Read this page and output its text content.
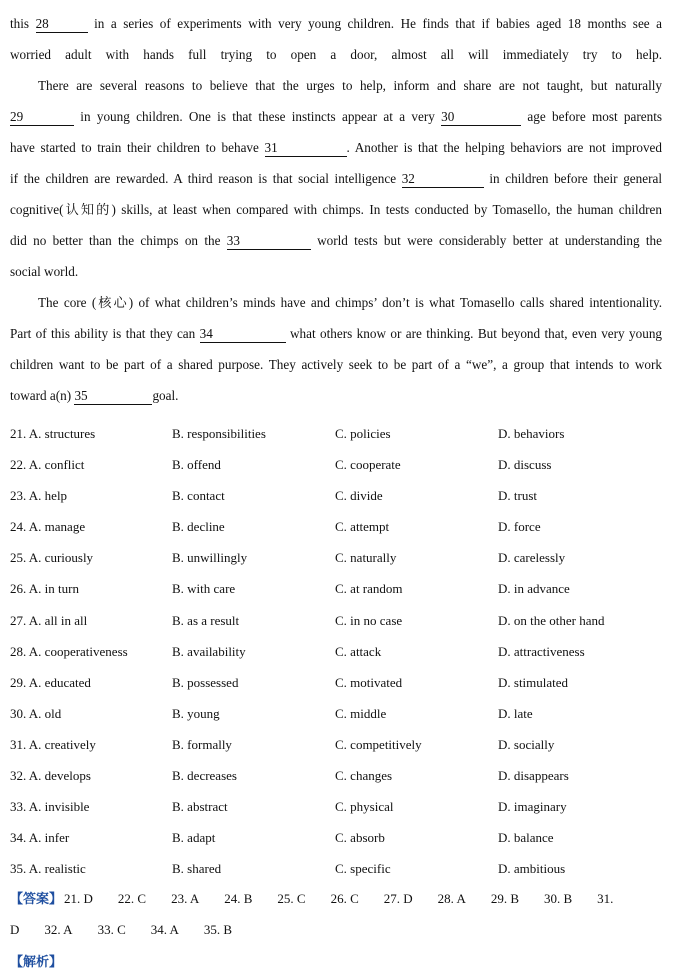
this 28	in a series of experiments with very young children. He finds that if babies aged 18 months see a
worried adult with hands full trying to open a door, almost all will immediately try to help.
There are several reasons to believe that the urges to help, inform and share are not taught, but naturally
29	in young children. One is that these instincts appear at a very 30	age before most parents
have started to train their children to behave 31	. Another is that the helping behaviors are not improved
if the children are rewarded. A third reason is that social intelligence 32	in children before their general
cognitive(认知的) skills, at least when compared with chimps. In tests conducted by Tomasello, the human children
did no better than the chimps on the 33	world tests but were considerably better at understanding the
social world.
The core (核心) of what children’s minds have and chimps’ don’t is what Tomasello calls shared intentionality.
Part of this ability is that they can 34	what others know or are thinking. But beyond that, even very young
children want to be part of a shared purpose. They actively seek to be part of a “we”, a group that intends to work
toward a(n) 35	goal.
21. A. structures	B. responsibilities	C. policies	D. behaviors
22. A. conflict	B. offend	C. cooperate	D. discuss
23. A. help	B. contact	C. divide	D. trust
24. A. manage	B. decline	C. attempt	D. force
25. A. curiously	B. unwillingly	C. naturally	D. carelessly
26. A. in turn	B. with care	C. at random	D. in advance
27. A. all in all	B. as a result	C. in no case	D. on the other hand
28. A. cooperativeness	B. availability	C. attack	D. attractiveness
29. A. educated	B. possessed	C. motivated	D. stimulated
30. A. old	B. young	C. middle	D. late
31. A. creatively	B. formally	C. competitively	D. socially
32. A. develops	B. decreases	C. changes	D. disappears
33. A. invisible	B. abstract	C. physical	D. imaginary
34. A. infer	B. adapt	C. absorb	D. balance
35. A. realistic	B. shared	C. specific	D. ambitious
【答案】 21. D 22. C 23. A 24. B 25. C 26. C 27. D 28. A 29. B 30. B 31.
D 32. A 33. C 34. A 35. B
【解析】
